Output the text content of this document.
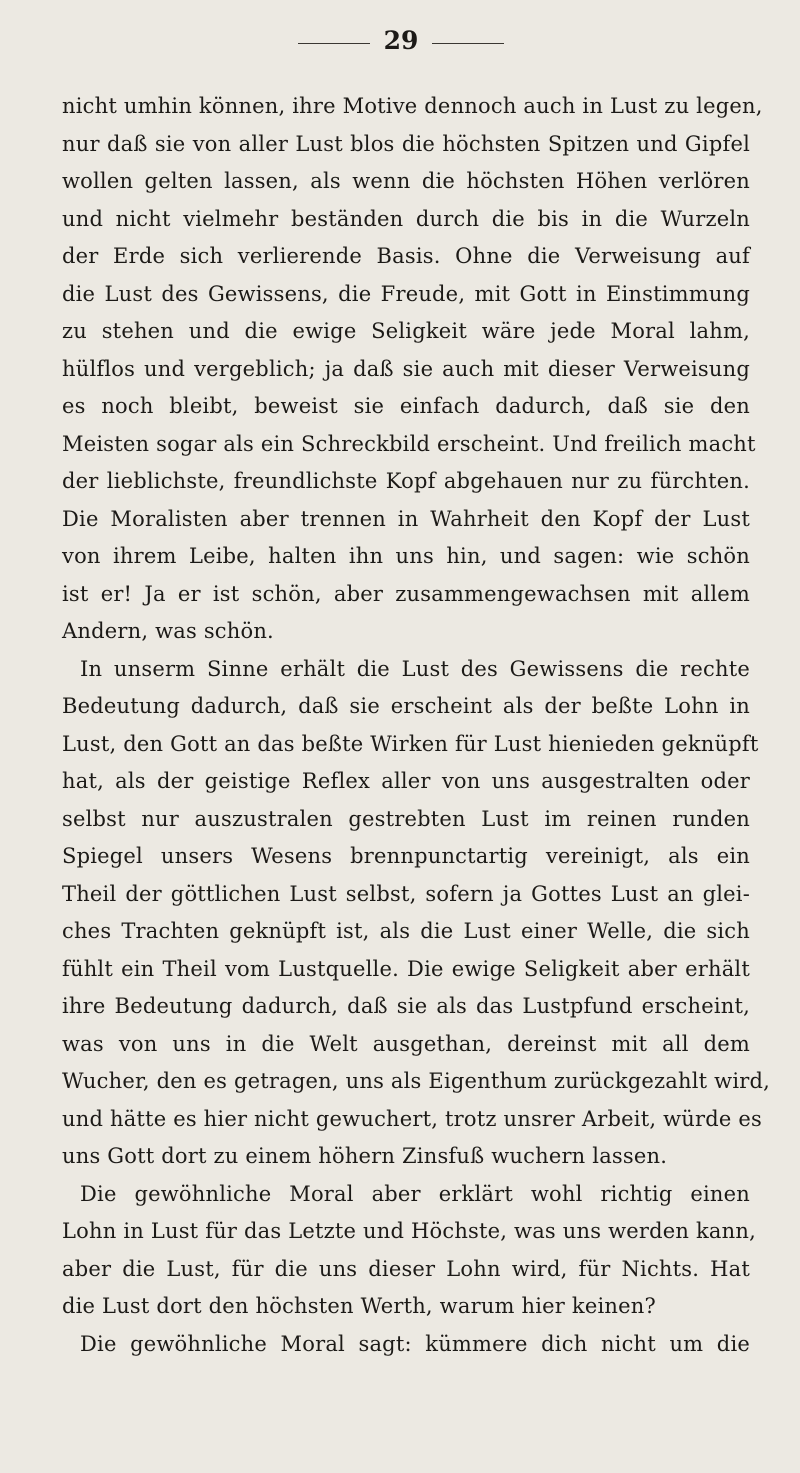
29
nicht umhin können, ihre Motive dennoch auch in Lust zu legen,
nur daß sie von aller Lust blos die höchsten Spitzen und Gipfel
wollen gelten lassen, als wenn die höchsten Höhen verlören
und nicht vielmehr beständen durch die bis in die Wurzeln
der Erde sich verlierende Basis. Ohne die Verweisung auf
die Lust des Gewissens, die Freude, mit Gott in Einstimmung
zu stehen und die ewige Seligkeit wäre jede Moral lahm,
hülflos und vergeblich; ja daß sie auch mit dieser Verweisung
es noch bleibt, beweist sie einfach dadurch, daß sie den
Meisten sogar als ein Schreckbild erscheint. Und freilich macht
der lieblichste, freundlichste Kopf abgehauen nur zu fürchten.
Die Moralisten aber trennen in Wahrheit den Kopf der Lust
von ihrem Leibe, halten ihn uns hin, und sagen: wie schön
ist er! Ja er ist schön, aber zusammengewachsen mit allem
Andern, was schön.
In unserm Sinne erhält die Lust des Gewissens die rechte
Bedeutung dadurch, daß sie erscheint als der beßte Lohn in
Lust, den Gott an das beßte Wirken für Lust hienieden geknüpft
hat, als der geistige Reflex aller von uns ausgestralten oder
selbst nur auszustralen gestrebten Lust im reinen runden
Spiegel unsers Wesens brennpunctartig vereinigt, als ein
Theil der göttlichen Lust selbst, sofern ja Gottes Lust an glei-
ches Trachten geknüpft ist, als die Lust einer Welle, die sich
fühlt ein Theil vom Lustquelle. Die ewige Seligkeit aber erhält
ihre Bedeutung dadurch, daß sie als das Lustpfund erscheint,
was von uns in die Welt ausgethan, dereinst mit all dem
Wucher, den es getragen, uns als Eigenthum zurückgezahlt wird,
und hätte es hier nicht gewuchert, trotz unsrer Arbeit, würde es
uns Gott dort zu einem höhern Zinsfuß wuchern lassen.
Die gewöhnliche Moral aber erklärt wohl richtig einen
Lohn in Lust für das Letzte und Höchste, was uns werden kann,
aber die Lust, für die uns dieser Lohn wird, für Nichts. Hat
die Lust dort den höchsten Werth, warum hier keinen?
Die gewöhnliche Moral sagt: kümmere dich nicht um die
